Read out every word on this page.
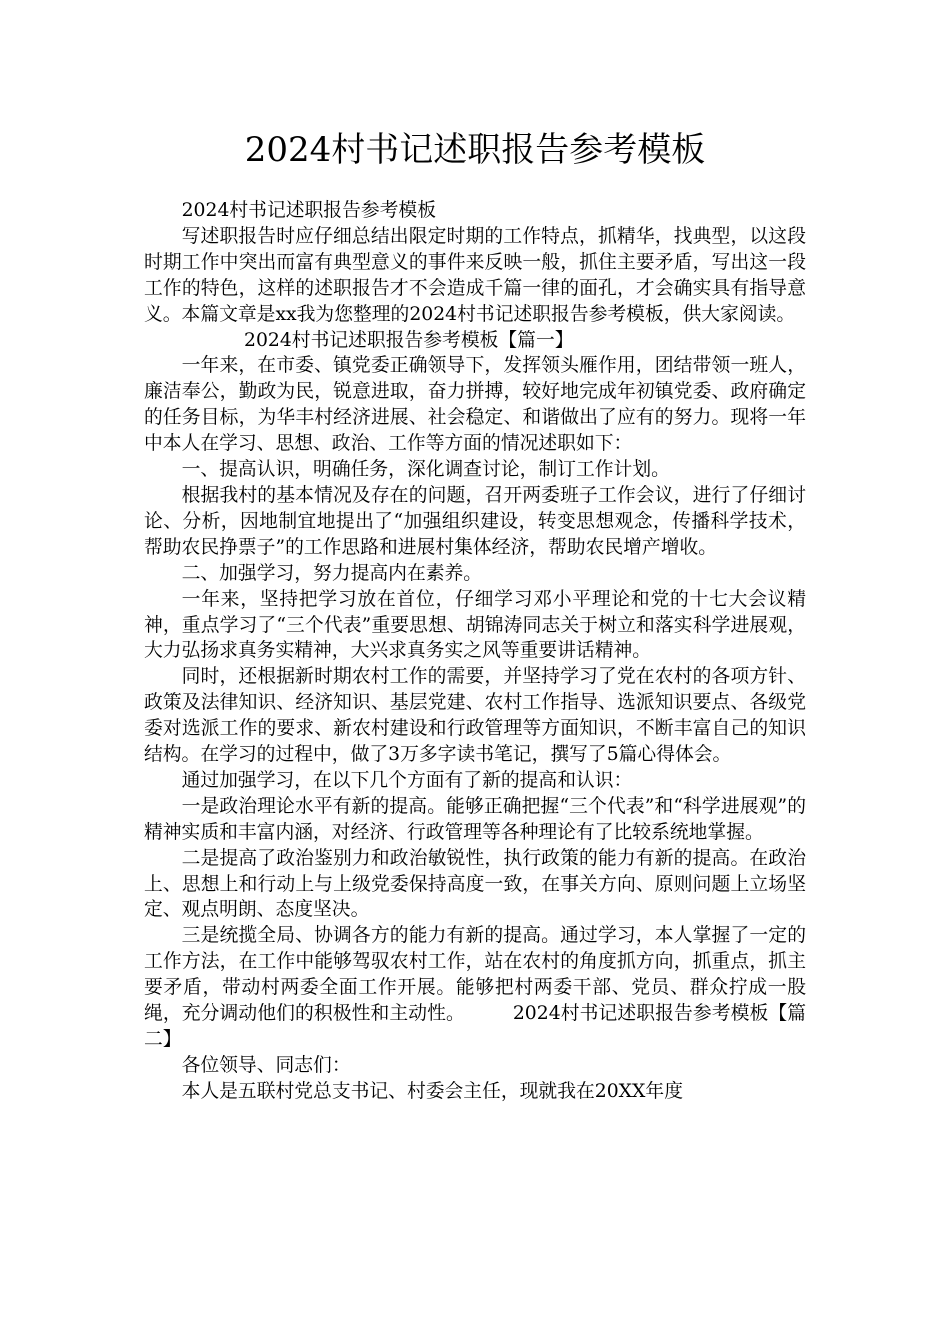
2024村书记述职报告参考模板

2024村书记述职报告参考模板

写述职报告时应仔细总结出限定时期的工作特点，抓精华，找典型，以这段时期工作中突出而富有典型意义的事件来反映一般，抓住主要矛盾，写出这一段工作的特色，这样的述职报告才不会造成千篇一律的面孔，才会确实具有指导意义。本篇文章是xx我为您整理的2024村书记述职报告参考模板，供大家阅读。

2024村书记述职报告参考模板【篇一】

一年来，在市委、镇党委正确领导下，发挥领头雁作用，团结带领一班人，廉洁奉公，勤政为民，锐意进取，奋力拼搏，较好地完成年初镇党委、政府确定的任务目标，为华丰村经济进展、社会稳定、和谐做出了应有的努力。现将一年中本人在学习、思想、政治、工作等方面的情况述职如下：

一、提高认识，明确任务，深化调查讨论，制订工作计划。

根据我村的基本情况及存在的问题，召开两委班子工作会议，进行了仔细讨论、分析，因地制宜地提出了“加强组织建设，转变思想观念，传播科学技术，帮助农民挣票子”的工作思路和进展村集体经济，帮助农民增产增收。

二、加强学习，努力提高内在素养。

一年来，坚持把学习放在首位，仔细学习邓小平理论和党的十七大会议精神，重点学习了“三个代表”重要思想、胡锦涛同志关于树立和落实科学进展观，大力弘扬求真务实精神，大兴求真务实之风等重要讲话精神。

同时，还根据新时期农村工作的需要，并坚持学习了党在农村的各项方针、政策及法律知识、经济知识、基层党建、农村工作指导、选派知识要点、各级党委对选派工作的要求、新农村建设和行政管理等方面知识，不断丰富自己的知识结构。在学习的过程中，做了3万多字读书笔记，撰写了5篇心得体会。

通过加强学习，在以下几个方面有了新的提高和认识：

一是政治理论水平有新的提高。能够正确把握“三个代表”和“科学进展观”的精神实质和丰富内涵，对经济、行政管理等各种理论有了比较系统地掌握。

二是提高了政治鉴别力和政治敏锐性，执行政策的能力有新的提高。在政治上、思想上和行动上与上级党委保持高度一致，在事关方向、原则问题上立场坚定、观点明朗、态度坚决。

三是统揽全局、协调各方的能力有新的提高。通过学习，本人掌握了一定的工作方法，在工作中能够驾驭农村工作，站在农村的角度抓方向，抓重点，抓主要矛盾，带动村两委全面工作开展。能够把村两委干部、党员、群众拧成一股绳，充分调动他们的积极性和主动性。	2024村书记述职报告参考模板【篇二】

各位领导、同志们：

本人是五联村党总支书记、村委会主任，现就我在20XX年度
